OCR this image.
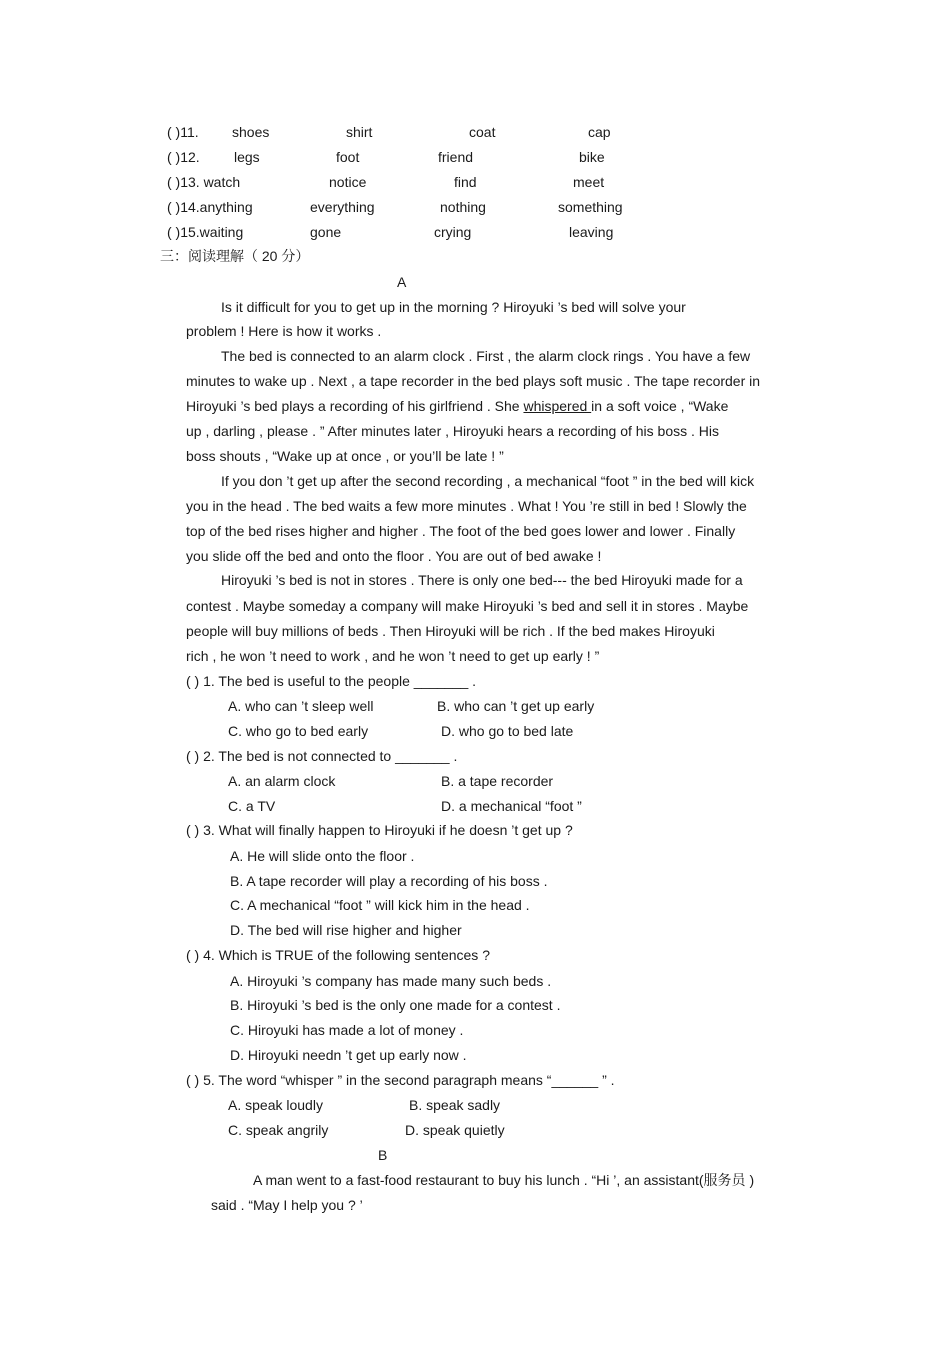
( )11. shoes	shirt	coat	cap
( )12. legs	foot	friend	bike
( )13. watch	notice	find	meet
( )14.anything	everything	nothing	something
( )15.waiting	gone	crying	leaving
三：阅读理解（ 20 分）
A
Is it difficult for you to get up in the morning ? Hiroyuki ’s bed will solve your
problem ! Here is how it works .
The bed is connected to an alarm clock . First , the alarm clock rings . You have a few
minutes to wake up . Next , a tape recorder in the bed plays soft music . The tape recorder in
Hiroyuki ’s bed plays a recording of his girlfriend . She whispered in a soft voice , “Wake
up , darling , please . ” After minutes later , Hiroyuki hears a recording of his boss . His
boss shouts , “Wake up at once , or you’ll be late ! ”
If you don ’t get up after the second recording , a mechanical “foot ” in the bed will kick
you in the head . The bed waits a few more minutes . What ! You ’re still in bed ! Slowly the
top of the bed rises higher and higher . The foot of the bed goes lower and lower . Finally
you slide off the bed and onto the floor . You are out of bed awake !
Hiroyuki ’s bed is not in stores . There is only one bed--- the bed Hiroyuki made for a
contest . Maybe someday a company will make Hiroyuki ’s bed and sell it in stores . Maybe
people will buy millions of beds . Then Hiroyuki will be rich . If the bed makes Hiroyuki
rich , he won ’t need to work , and he won ’t need to get up early ! ”
( ) 1. The bed is useful to the people _______ .
A. who can ’t sleep well	B. who can ’t get up early
C. who go to bed early	D. who go to bed late
( ) 2. The bed is not connected to _______ .
A. an alarm clock	B. a tape recorder
C. a TV	D. a mechanical “foot ”
( ) 3. What will finally happen to Hiroyuki if he doesn ’t get up ?
A. He will slide onto the floor .
B. A tape recorder will play a recording of his boss .
C. A mechanical “foot ” will kick him in the head .
D. The bed will rise higher and higher
( ) 4. Which is TRUE of the following sentences ?
A. Hiroyuki ’s company has made many such beds .
B. Hiroyuki ’s bed is the only one made for a contest .
C. Hiroyuki has made a lot of money .
D. Hiroyuki needn ’t get up early now .
( ) 5. The word “whisper ” in the second paragraph means “______ ” .
A. speak loudly	B. speak sadly
C. speak angrily	D. speak quietly
B
A man went to a fast-food restaurant to buy his lunch . “Hi ’, an assistant(服务员 )
said . “May I help you ? ’
